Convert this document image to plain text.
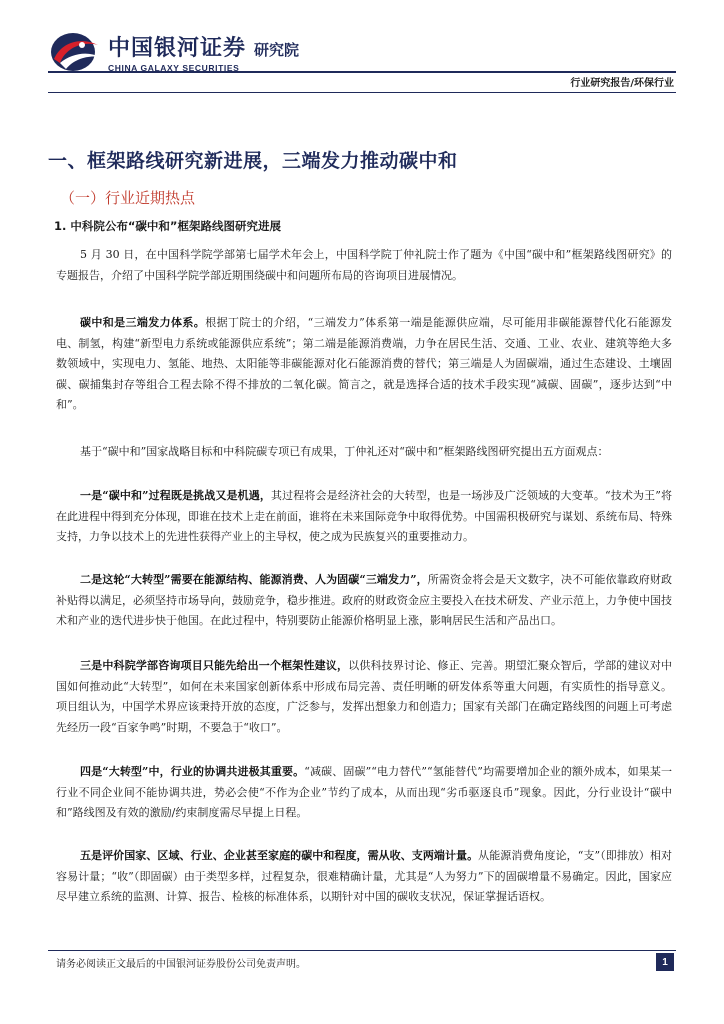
中国银河证券 研究院
CHINA GALAXY SECURITIES
行业研究报告/环保行业
一、框架路线研究新进展，三端发力推动碳中和
（一）行业近期热点
1. 中科院公布“碳中和”框架路线图研究进展

5 月 30 日，在中国科学院学部第七届学术年会上，中国科学院丁仲礼院士作了题为《中国“碳中和”框架路线图研究》的专题报告，介绍了中国科学院学部近期围绕碳中和问题所布局的咨询项目进展情况。

碳中和是三端发力体系。根据丁院士的介绍，“三端发力”体系第一端是能源供应端，尽可能用非碳能源替代化石能源发电、制氢，构建“新型电力系统或能源供应系统”；第二端是能源消费端，力争在居民生活、交通、工业、农业、建筑等绝大多数领域中，实现电力、氢能、地热、太阳能等非碳能源对化石能源消费的替代；第三端是人为固碳端，通过生态建设、土壤固碳、碳捕集封存等组合工程去除不得不排放的二氧化碳。简言之，就是选择合适的技术手段实现“减碳、固碳”，逐步达到“中和”。

基于“碳中和”国家战略目标和中科院碳专项已有成果，丁仲礼还对“碳中和”框架路线图研究提出五方面观点：

一是“碳中和”过程既是挑战又是机遇，其过程将会是经济社会的大转型，也是一场涉及广泛领域的大变革。“技术为王”将在此进程中得到充分体现，即谁在技术上走在前面，谁将在未来国际竞争中取得优势。中国需积极研究与谋划、系统布局、特殊支持，力争以技术上的先进性获得产业上的主导权，使之成为民族复兴的重要推动力。

二是这轮“大转型”需要在能源结构、能源消费、人为固碳“三端发力”，所需资金将会是天文数字，决不可能依靠政府财政补贴得以满足，必须坚持市场导向，鼓励竞争，稳步推进。政府的财政资金应主要投入在技术研发、产业示范上，力争使中国技术和产业的迭代进步快于他国。在此过程中，特别要防止能源价格明显上涨，影响居民生活和产品出口。

三是中科院学部咨询项目只能先给出一个框架性建议，以供科技界讨论、修正、完善。期望汇聚众智后，学部的建议对中国如何推动此“大转型”，如何在未来国家创新体系中形成布局完善、责任明晰的研发体系等重大问题，有实质性的指导意义。项目组认为，中国学术界应该秉持开放的态度，广泛参与，发挥出想象力和创造力；国家有关部门在确定路线图的问题上可考虑先经历一段“百家争鸣”时期，不要急于“收口”。

四是“大转型”中，行业的协调共进极其重要。“减碳、固碳”“电力替代”“氢能替代”均需要增加企业的额外成本，如果某一行业不同企业间不能协调共进，势必会使“不作为企业”节约了成本，从而出现“劣币驱逐良币”现象。因此，分行业设计“碳中和”路线图及有效的激励/约束制度需尽早提上日程。

五是评价国家、区域、行业、企业甚至家庭的碳中和程度，需从收、支两端计量。从能源消费角度论，“支”（即排放）相对容易计量；“收”（即固碳）由于类型多样，过程复杂，很难精确计量，尤其是“人为努力”下的固碳增量不易确定。因此，国家应尽早建立系统的监测、计算、报告、检核的标准体系，以期针对中国的碳收支状况，保证掌握话语权。

请务必阅读正文最后的中国银河证券股份公司免责声明。	1
